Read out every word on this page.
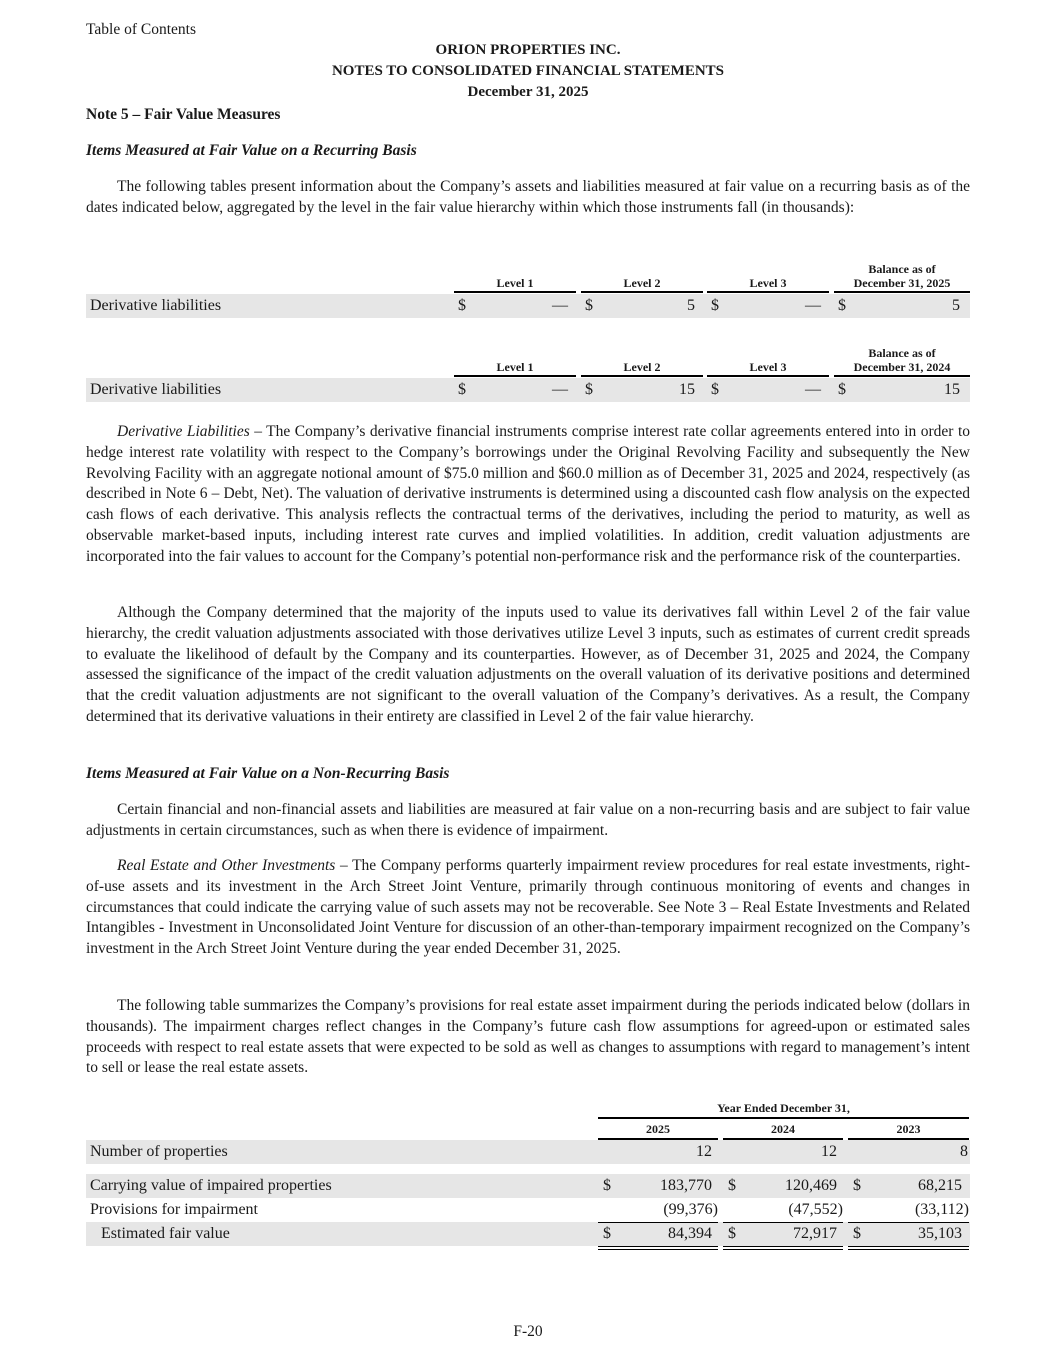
Table of Contents
ORION PROPERTIES INC.
NOTES TO CONSOLIDATED FINANCIAL STATEMENTS
December 31, 2025
Note 5 – Fair Value Measures
Items Measured at Fair Value on a Recurring Basis

The following tables present information about the Company’s assets and liabilities measured at fair value on a recurring basis as of the dates indicated below, aggregated by the level in the fair value hierarchy within which those instruments fall (in thousands):

Level 1	Level 2	Level 3
Balance as of
December 31, 2025
Derivative liabilities	$	— $	5 $	— $	5
Level 1	Level 2	Level 3
Balance as of
December 31, 2024
Derivative liabilities	$	— $	15 $	— $	15

Derivative Liabilities – The Company’s derivative financial instruments comprise interest rate collar agreements entered into in order to hedge interest rate volatility with respect to the Company’s borrowings under the Original Revolving Facility and subsequently the New Revolving Facility with an aggregate notional amount of $75.0 million and $60.0 million as of December 31, 2025 and 2024, respectively (as described in Note 6 – Debt, Net). The valuation of derivative instruments is determined using a discounted cash flow analysis on the expected cash flows of each derivative. This analysis reflects the contractual terms of the derivatives, including the period to maturity, as well as observable market-based inputs, including interest rate curves and implied volatilities. In addition, credit valuation adjustments are incorporated into the fair values to account for the Company’s potential non-performance risk and the performance risk of the counterparties.

Although the Company determined that the majority of the inputs used to value its derivatives fall within Level 2 of the fair value hierarchy, the credit valuation adjustments associated with those derivatives utilize Level 3 inputs, such as estimates of current credit spreads to evaluate the likelihood of default by the Company and its counterparties. However, as of December 31, 2025 and 2024, the Company assessed the significance of the impact of the credit valuation adjustments on the overall valuation of its derivative positions and determined that the credit valuation adjustments are not significant to the overall valuation of the Company’s derivatives. As a result, the Company determined that its derivative valuations in their entirety are classified in Level 2 of the fair value hierarchy.

Items Measured at Fair Value on a Non-Recurring Basis

Certain financial and non-financial assets and liabilities are measured at fair value on a non-recurring basis and are subject to fair value adjustments in certain circumstances, such as when there is evidence of impairment.

Real Estate and Other Investments – The Company performs quarterly impairment review procedures for real estate investments, right-of-use assets and its investment in the Arch Street Joint Venture, primarily through continuous monitoring of events and changes in circumstances that could indicate the carrying value of such assets may not be recoverable. See Note 3 – Real Estate Investments and Related Intangibles - Investment in Unconsolidated Joint Venture for discussion of an other-than-temporary impairment recognized on the Company’s investment in the Arch Street Joint Venture during the year ended December 31, 2025.

The following table summarizes the Company’s provisions for real estate asset impairment during the periods indicated below (dollars in thousands). The impairment charges reflect changes in the Company’s future cash flow assumptions for agreed-upon or estimated sales proceeds with respect to real estate assets that were expected to be sold as well as changes to assumptions with regard to management’s intent to sell or lease the real estate assets.

Year Ended December 31,
2025	2024	2023
Number of properties	12	12	8
Carrying value of impaired properties	$	183,770 $	120,469 $	68,215
Provisions for impairment	(99,376)	(47,552)	(33,112)
Estimated fair value	$	84,394 $	72,917 $	35,103
F-20
